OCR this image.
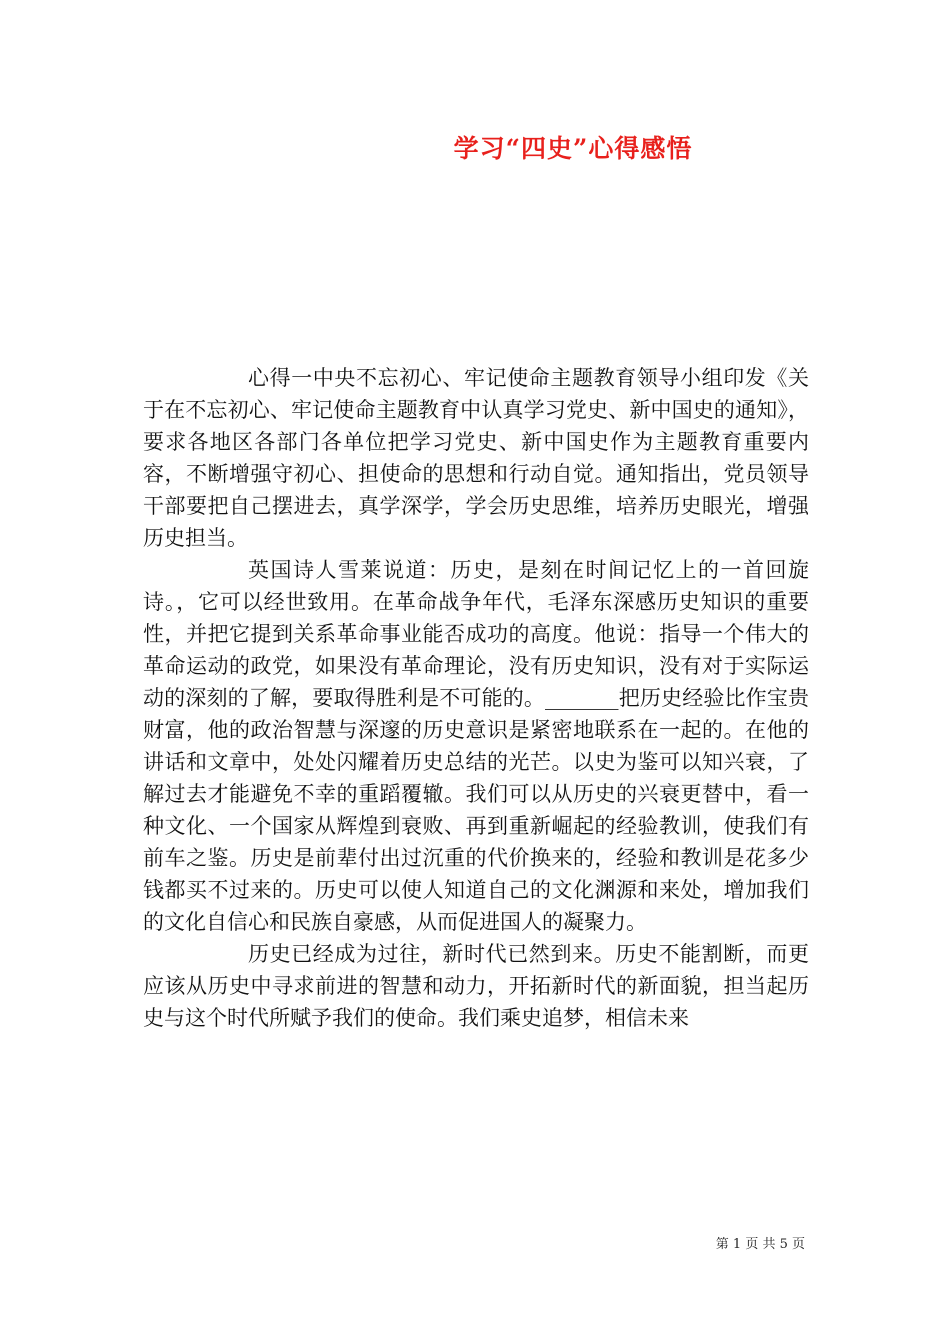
学习“四史”心得感悟

心得一中央不忘初心、牢记使命主题教育领导小组印发《关于在不忘初心、牢记使命主题教育中认真学习党史、新中国史的通知》，要求各地区各部门各单位把学习党史、新中国史作为主题教育重要内容，不断增强守初心、担使命的思想和行动自觉。通知指出，党员领导干部要把自己摆进去，真学深学，学会历史思维，培养历史眼光，增强历史担当。

英国诗人雪莱说道：历史，是刻在时间记忆上的一首回旋诗。，它可以经世致用。在革命战争年代，毛泽东深感历史知识的重要性，并把它提到关系革命事业能否成功的高度。他说：指导一个伟大的革命运动的政党，如果没有革命理论，没有历史知识，没有对于实际运动的深刻的了解，要取得胜利是不可能的。_______把历史经验比作宝贵财富，他的政治智慧与深邃的历史意识是紧密地联系在一起的。在他的讲话和文章中，处处闪耀着历史总结的光芒。以史为鉴可以知兴衰，了解过去才能避免不幸的重蹈覆辙。我们可以从历史的兴衰更替中，看一种文化、一个国家从辉煌到衰败、再到重新崛起的经验教训，使我们有前车之鉴。历史是前辈付出过沉重的代价换来的，经验和教训是花多少钱都买不过来的。历史可以使人知道自己的文化渊源和来处，增加我们的文化自信心和民族自豪感，从而促进国人的凝聚力。

历史已经成为过往，新时代已然到来。历史不能割断，而更应该从历史中寻求前进的智慧和动力，开拓新时代的新面貌，担当起历史与这个时代所赋予我们的使命。我们乘史追梦，相信未来

第 1 页 共 5 页
